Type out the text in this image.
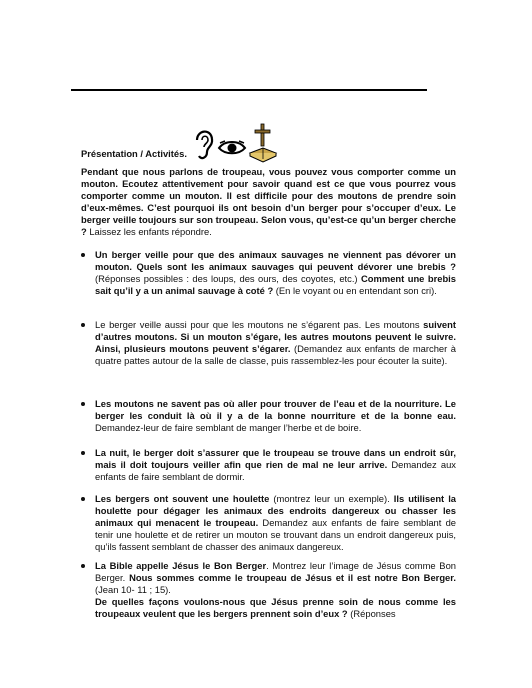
Présentation / Activités.
Pendant que nous parlons de troupeau, vous pouvez vous comporter comme un mouton. Ecoutez attentivement pour savoir quand est ce que vous pourrez vous comporter comme un mouton. Il est difficile pour des moutons de prendre soin d’eux-mêmes. C’est pourquoi ils ont besoin d’un berger pour s’occuper d’eux. Le berger veille toujours sur son troupeau. Selon vous, qu’est-ce qu’un berger cherche ? Laissez les enfants répondre.
Un berger veille pour que des animaux sauvages ne viennent pas dévorer un mouton. Quels sont les animaux sauvages qui peuvent dévorer une brebis ? (Réponses possibles : des loups, des ours, des coyotes, etc.) Comment une brebis sait qu’il y a un animal sauvage à coté ? (En le voyant ou en entendant son cri).
Le berger veille aussi pour que les moutons ne s’égarent pas. Les moutons suivent d’autres moutons. Si un mouton s’égare, les autres moutons peuvent le suivre. Ainsi, plusieurs moutons peuvent s’égarer. (Demandez aux enfants de marcher à quatre pattes autour de la salle de classe, puis rassemblez-les pour écouter la suite).
Les moutons ne savent pas où aller pour trouver de l’eau et de la nourriture. Le berger les conduit là où il y a de la bonne nourriture et de la bonne eau. Demandez-leur de faire semblant de manger l’herbe et de boire.
La nuit, le berger doit s’assurer que le troupeau se trouve dans un endroit sûr, mais il doit toujours veiller afin que rien de mal ne leur arrive. Demandez aux enfants de faire semblant de dormir.
Les bergers ont souvent une houlette (montrez leur un exemple). Ils utilisent la houlette pour dégager les animaux des endroits dangereux ou chasser les animaux qui menacent le troupeau. Demandez aux enfants de faire semblant de tenir une houlette et de retirer un mouton se trouvant dans un endroit dangereux puis, qu’ils fassent semblant de chasser des animaux dangereux.
La Bible appelle Jésus le Bon Berger. Montrez leur l’image de Jésus comme Bon Berger. Nous sommes comme le troupeau de Jésus et il est notre Bon Berger. (Jean 10- 11 ; 15).
De quelles façons voulons-nous que Jésus prenne soin de nous comme les troupeaux veulent que les bergers prennent soin d’eux ? (Réponses
